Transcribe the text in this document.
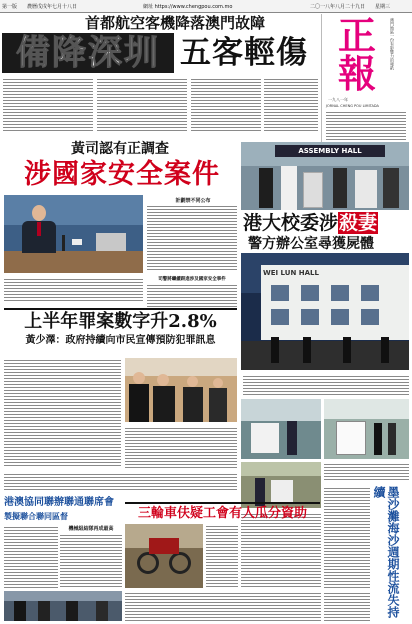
第一版 農曆戊戌年七月十八日	網址 https://www.chengpou.com.mo	二〇一八年八月二十九日 星期三
首都航空客機降落澳門故障
備降深圳 五客輕傷 正
報
澳門地區一份有影響力的報紙
一九八一年
JORNAL CHENG POU LIMITADA
黃司認有正調查
涉國家安全案件
計劃禁不同公布
司警將繼續跟進涉及國家安全事件
ASSEMBLY HALL
港大校委涉殺妻
警方辦公室尋獲屍體
WEI LUN HALL
上半年罪案數字升2.8%
黃少澤：政府持續向市民宣傳預防犯罪訊息
墨沙灘海沙週期性流失持續
三輪車伕疑工會有人瓜分資助
港澳協同聯辦聯通聯席會
製擬聯合聯同區督
機械組結隊再成最高
